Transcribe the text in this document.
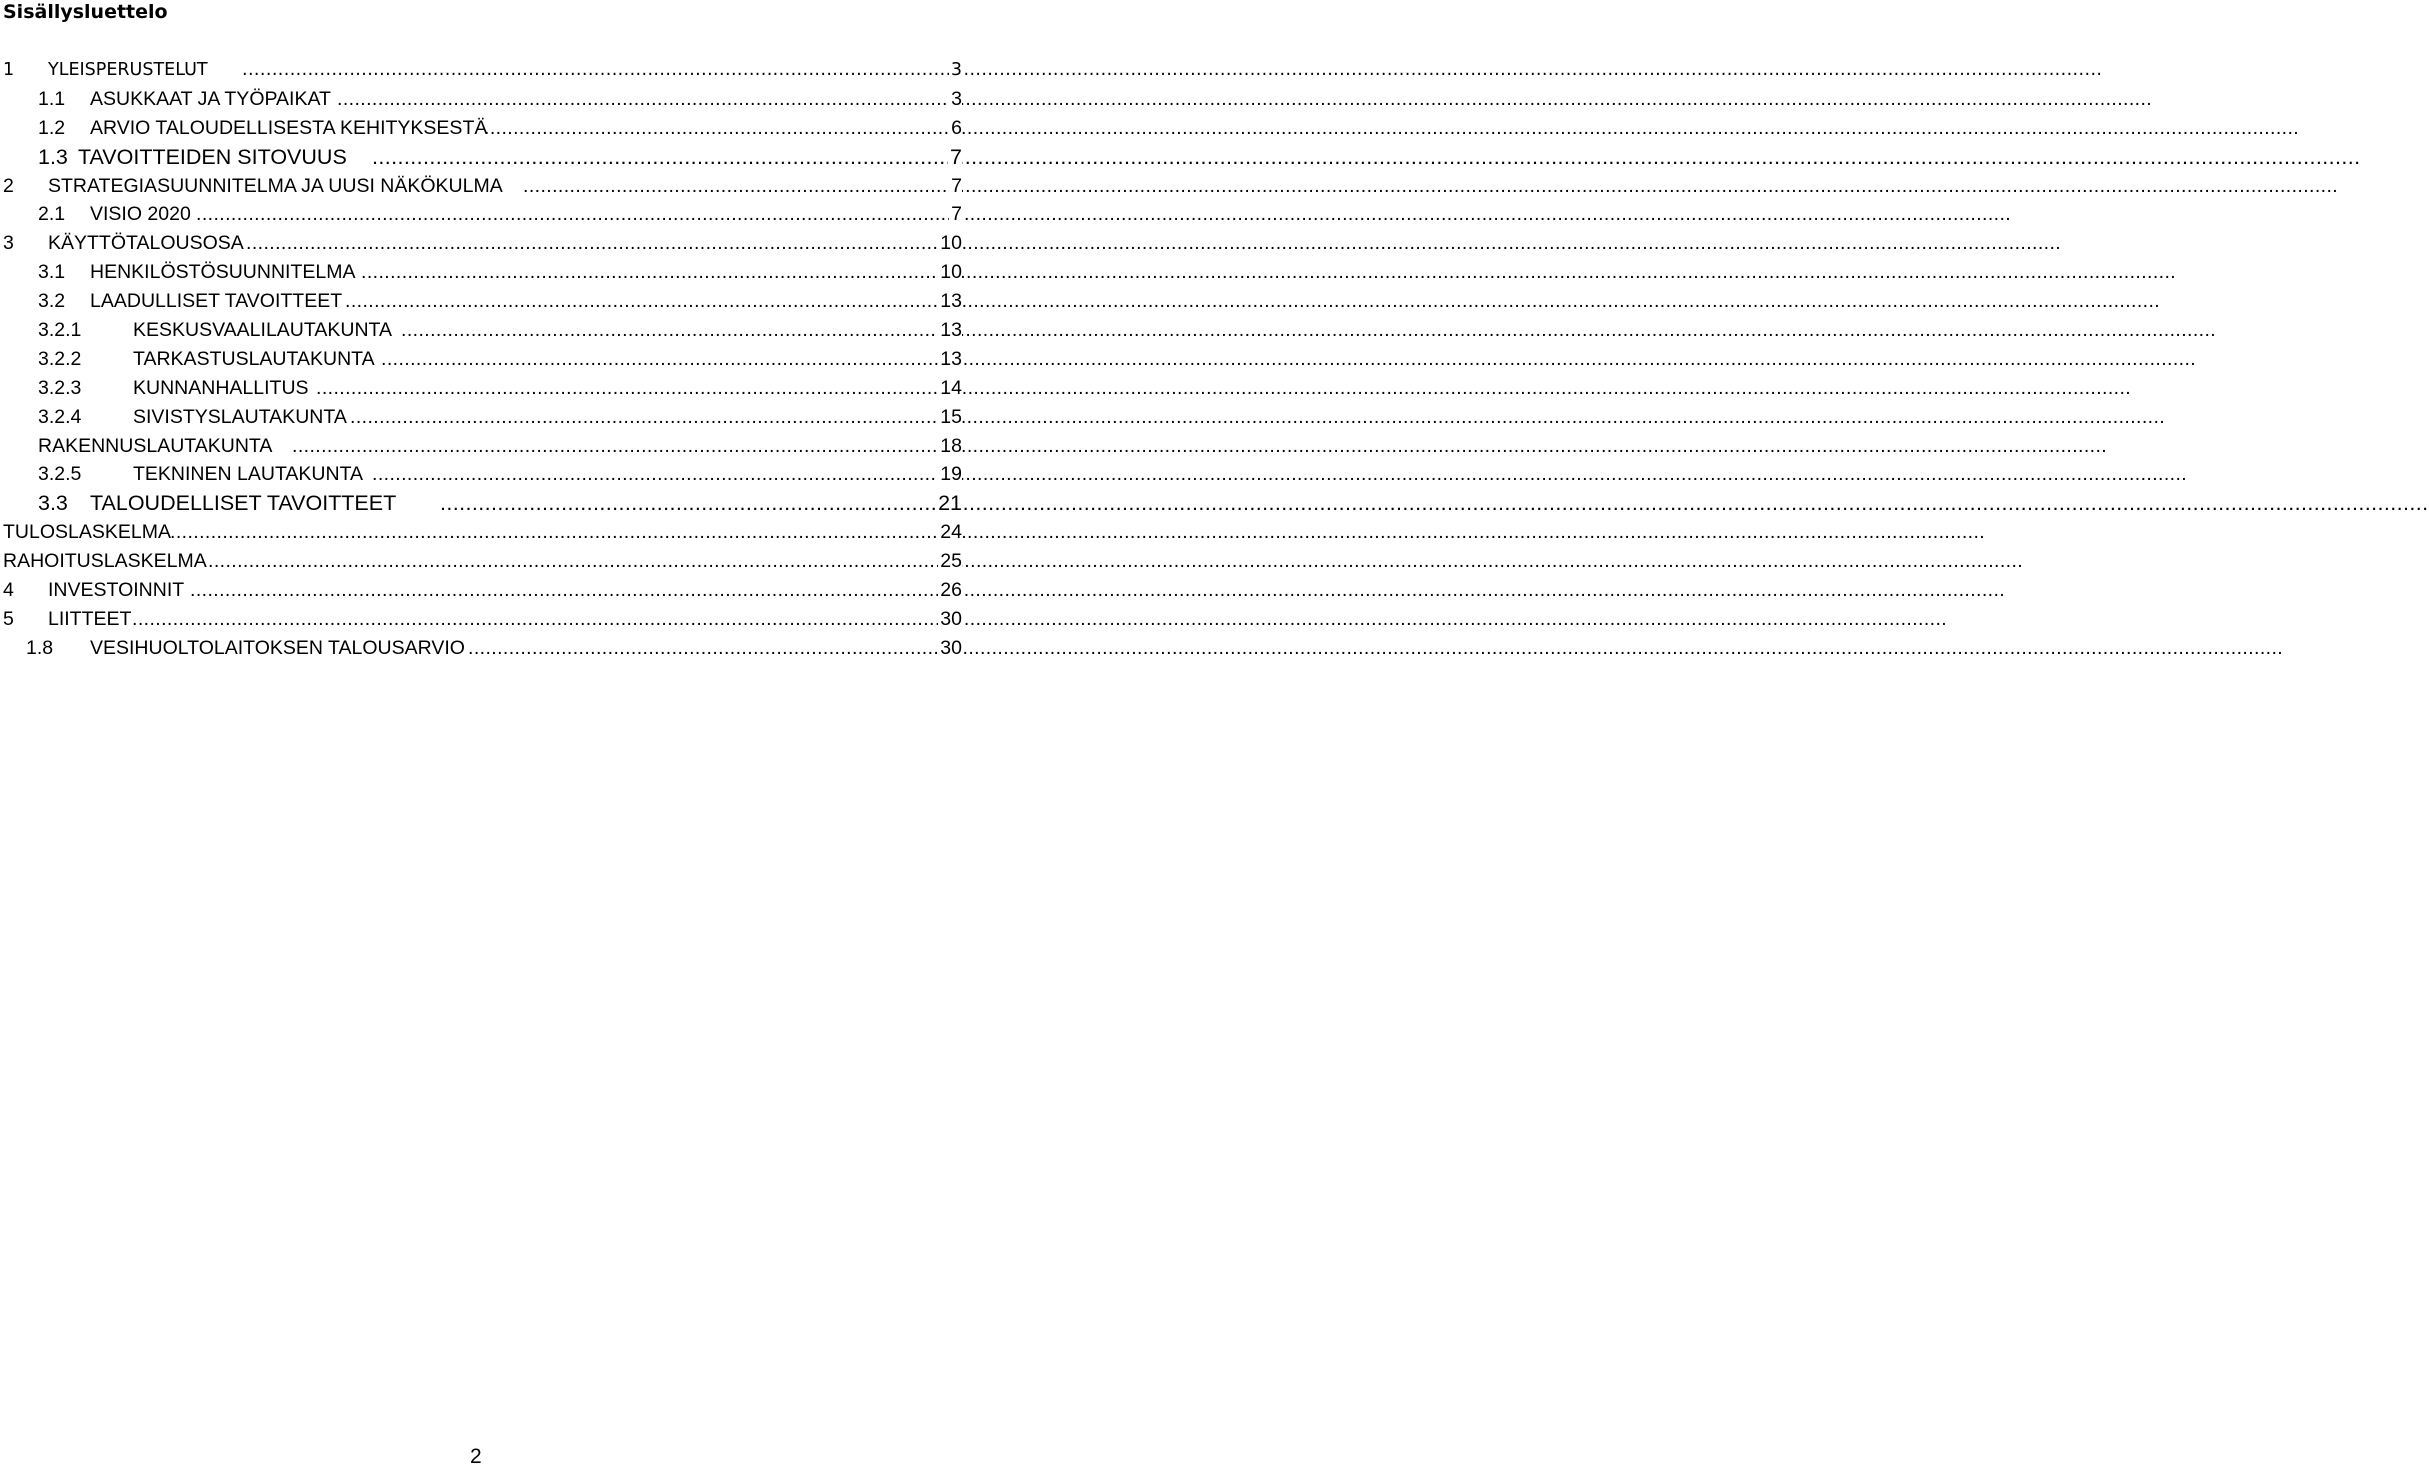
Sisällysluettelo
1 YLEISPERUSTELUT .....	3
1.1 ASUKKAAT JA TYÖPAIKAT .....	3
1.2 ARVIO TALOUDELLISESTA KEHITYKSESTÄ .....	6
1.3 TAVOITTEIDEN SITOVUUS .....	7
2 STRATEGIASUUNNITELMA JA UUSI NÄKÖKULMA .....	7
2.1 VISIO 2020 .....	7
3 KÄYTTÖTALOUSOSA .....	10
3.1 HENKILÖSTÖSUUNNITELMA .....	10
3.2 LAADULLISET TAVOITTEET .....	13
3.2.1	KESKUSVAALILAUTAKUNTA .....	13
3.2.2	TARKASTUSLAUTAKUNTA .....	13
3.2.3	KUNNANHALLITUS .....	14
3.2.4	SIVISTYSLAUTAKUNTA .....	15
RAKENNUSLAUTAKUNTA .....	18
3.2.5	TEKNINEN LAUTAKUNTA .....	19
3.3 TALOUDELLISET TAVOITTEET .....	21
TULOSLASKELMA .....	24
RAHOITUSLASKELMA .....	25
4 INVESTOINNIT .....	26
5 LIITTEET .....	30
1.8 VESIHUOLTOLAITOKSEN TALOUSARVIO .....	30
2
